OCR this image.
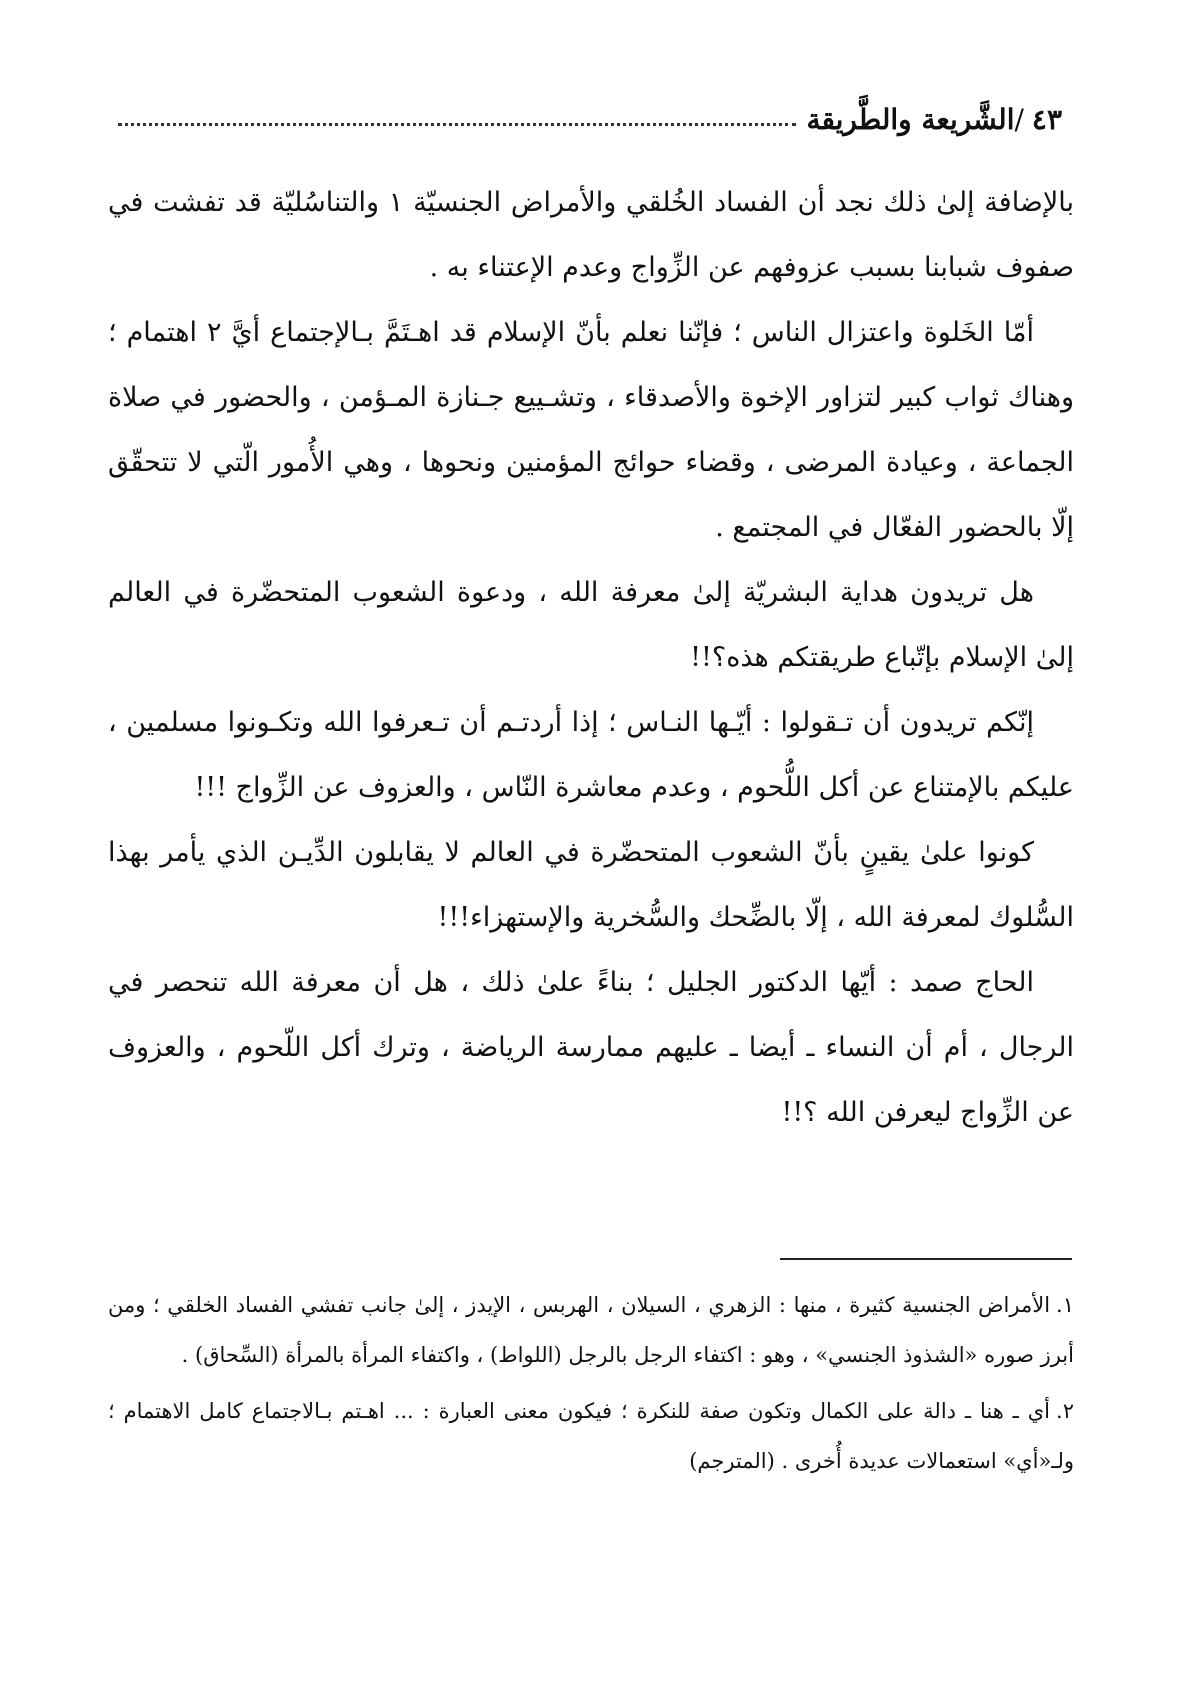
٤٣
/
الشَّريعة والطَّريقة

بالإضافة إلىٰ ذلك نجد أن الفساد الخُلقي والأمراض الجنسيّة ١ والتناسُليّة قد تفشت في صفوف شبابنا بسبب عزوفهم عن الزِّواج وعدم الإعتناء به .

أمّا الخَلوة واعتزال الناس ؛ فإنّنا نعلم بأنّ الإسلام قد اهـتَمَّ بـالإجتماع أيَّ ٢ اهتمام ؛ وهناك ثواب كبير لتزاور الإخوة والأصدقاء ، وتشـييع جـنازة المـؤمن ، والحضور في صلاة الجماعة ، وعيادة المرضى ، وقضاء حوائج المؤمنين ونحوها ، وهي الأُمور الّتي لا تتحقّق إلّا بالحضور الفعّال في المجتمع .

هل تريدون هداية البشريّة إلىٰ معرفة الله ، ودعوة الشعوب المتحضّرة في العالم إلىٰ الإسلام بإتّباع طريقتكم هذه؟!!

إنّكم تريدون أن تـقولوا : أيّـها النـاس ؛ إذا أردتـم أن تـعرفوا الله وتكـونوا مسلمين ، عليكم بالإمتناع عن أكل اللُّحوم ، وعدم معاشرة النّاس ، والعزوف عن الزِّواج !!!

كونوا علىٰ يقينٍ بأنّ الشعوب المتحضّرة في العالم لا يقابلون الدِّيـن الذي يأمر بهذا السُّلوك لمعرفة الله ، إلّا بالضِّحك والسُّخرية والإستهزاء!!!

الحاج صمد : أيّها الدكتور الجليل ؛ بناءً علىٰ ذلك ، هل أن معرفة الله تنحصر في الرجال ، أم أن النساء ـ أيضا ـ عليهم ممارسة الرياضة ، وترك أكل اللّحوم ، والعزوف عن الزِّواج ليعرفن الله ؟!!

١.الأمراض الجنسية كثيرة ، منها : الزهري ، السيلان ، الهربس ، الإيدز ، إلىٰ جانب تفشي الفساد الخلقي ؛ ومن أبرز صوره «الشذوذ الجنسي» ، وهو : اكتفاء الرجل بالرجل (اللواط) ، واكتفاء المرأة بالمرأة (السِّحاق) .

٢.أي ـ هنا ـ دالة على الكمال وتكون صفة للنكرة ؛ فيكون معنى العبارة : ... اهـتم بـالاجتماع كامل الاهتمام ؛ ولـ«أي» استعمالات عديدة أُخرى . (المترجم)
